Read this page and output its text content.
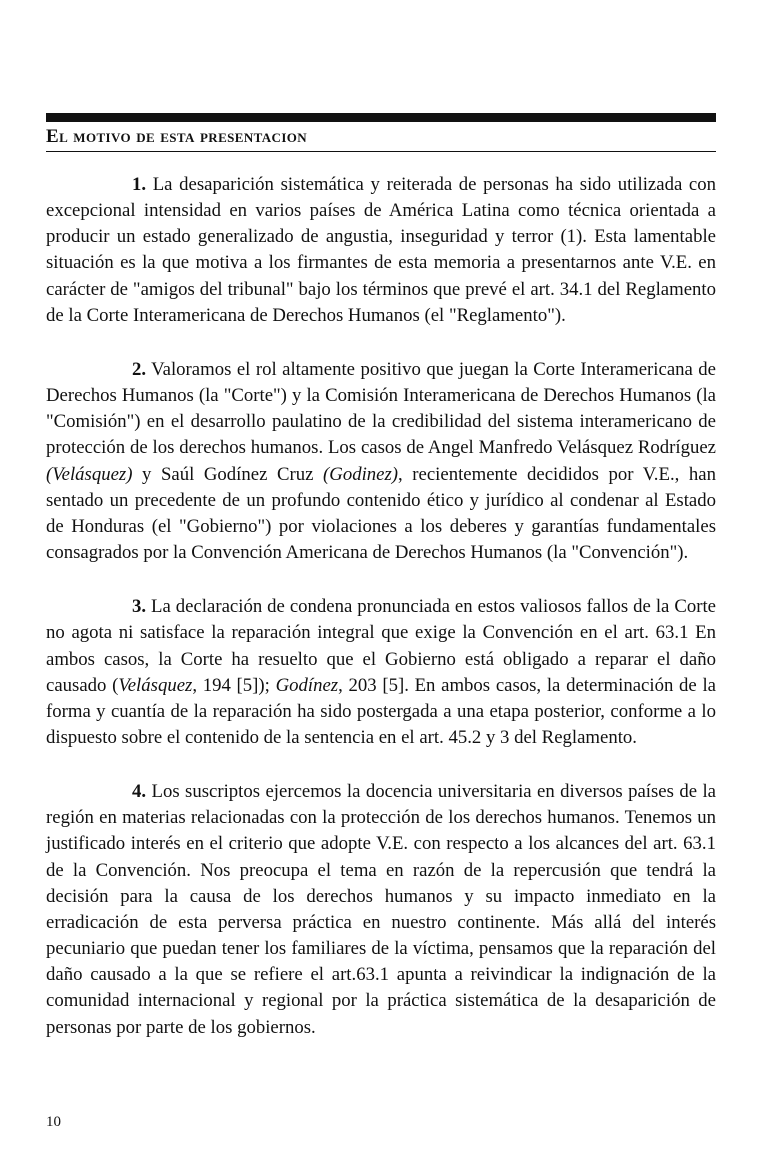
El motivo de esta presentacion

1. La desaparición sistemática y reiterada de personas ha sido utilizada con excepcional intensidad en varios países de América Latina como técnica orientada a producir un estado generalizado de angustia, inseguridad y terror (1). Esta lamentable situación es la que motiva a los firmantes de esta memoria a presentarnos ante V.E. en carácter de "amigos del tribunal" bajo los términos que prevé el art. 34.1 del Reglamento de la Corte Interamericana de Derechos Humanos (el "Reglamento").

2. Valoramos el rol altamente positivo que juegan la Corte Interamericana de Derechos Humanos (la "Corte") y la Comisión Interamericana de Derechos Humanos (la "Comisión") en el desarrollo paulatino de la credibilidad del sistema interamericano de protección de los derechos humanos. Los casos de Angel Manfredo Velásquez Rodríguez (Velásquez) y Saúl Godínez Cruz (Godinez), recientemente decididos por V.E., han sentado un precedente de un profundo contenido ético y jurídico al condenar al Estado de Honduras (el "Gobierno") por violaciones a los deberes y garantías fundamentales consagrados por la Convención Americana de Derechos Humanos (la "Convención").

3. La declaración de condena pronunciada en estos valiosos fallos de la Corte no agota ni satisface la reparación integral que exige la Convención en el art. 63.1 En ambos casos, la Corte ha resuelto que el Gobierno está obligado a reparar el daño causado (Velásquez, 194 [5]); Godínez, 203 [5]. En ambos casos, la determinación de la forma y cuantía de la reparación ha sido postergada a una etapa posterior, conforme a lo dispuesto sobre el contenido de la sentencia en el art. 45.2 y 3 del Reglamento.

4. Los suscriptos ejercemos la docencia universitaria en diversos países de la región en materias relacionadas con la protección de los derechos humanos. Tenemos un justificado interés en el criterio que adopte V.E. con respecto a los alcances del art. 63.1 de la Convención. Nos preocupa el tema en razón de la repercusión que tendrá la decisión para la causa de los derechos humanos y su impacto inmediato en la erradicación de esta perversa práctica en nuestro continente. Más allá del interés pecuniario que puedan tener los familiares de la víctima, pensamos que la reparación del daño causado a la que se refiere el art.63.1 apunta a reivindicar la indignación de la comunidad internacional y regional por la práctica sistemática de la desaparición de personas por parte de los gobiernos.

10
